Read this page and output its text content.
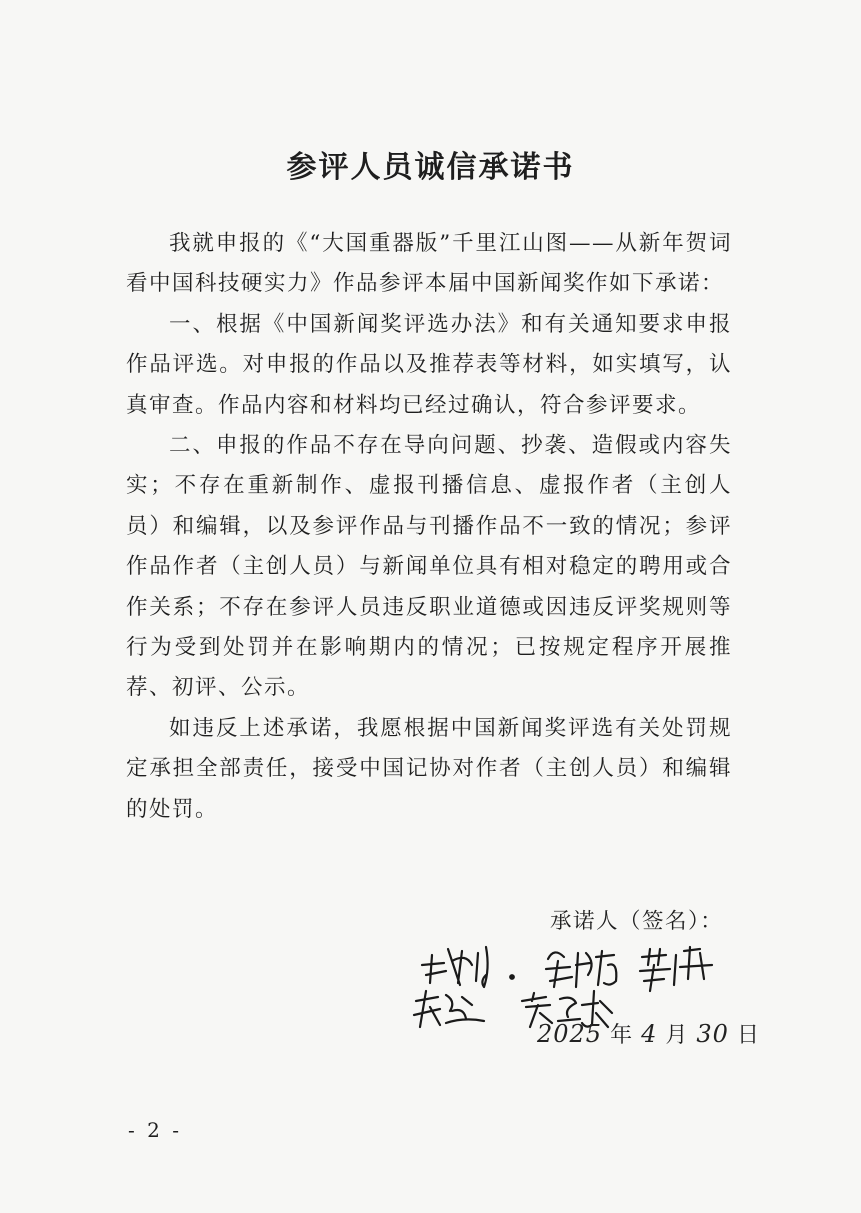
参评人员诚信承诺书

我就申报的《“大国重器版”千里江山图——从新年贺词看中国科技硬实力》作品参评本届中国新闻奖作如下承诺：

一、根据《中国新闻奖评选办法》和有关通知要求申报作品评选。对申报的作品以及推荐表等材料，如实填写，认真审查。作品内容和材料均已经过确认，符合参评要求。

二、申报的作品不存在导向问题、抄袭、造假或内容失实；不存在重新制作、虚报刊播信息、虚报作者（主创人员）和编辑，以及参评作品与刊播作品不一致的情况；参评作品作者（主创人员）与新闻单位具有相对稳定的聘用或合作关系；不存在参评人员违反职业道德或因违反评奖规则等行为受到处罚并在影响期内的情况；已按规定程序开展推荐、初评、公示。

如违反上述承诺，我愿根据中国新闻奖评选有关处罚规定承担全部责任，接受中国记协对作者（主创人员）和编辑的处罚。

承诺人（签名）：
2025 年 4 月 30 日
- 2 -
